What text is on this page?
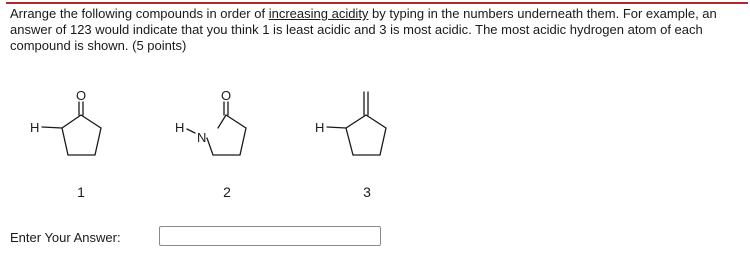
Arrange the following compounds in order of increasing acidity by typing in the numbers underneath them. For example, an answer of 123 would indicate that you think 1 is least acidic and 3 is most acidic. The most acidic hydrogen atom of each compound is shown. (5 points)

H
O
H
N
O
H
1	2	3
Enter Your Answer:
